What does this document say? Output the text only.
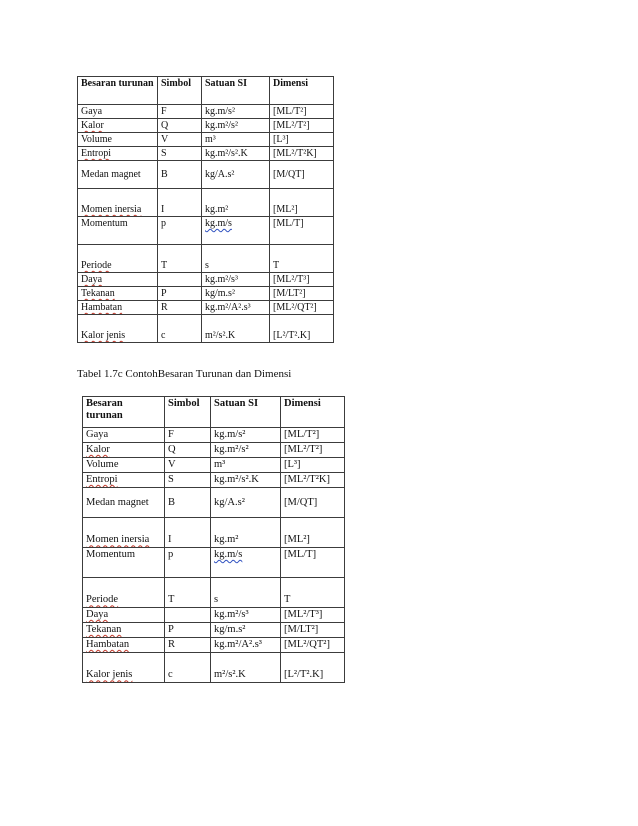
Besaran turunan	Simbol	Satuan SI	Dimensi
Gaya	F	kg.m/s²	[ML/T²]
Kalor	Q	kg.m²/s²	[ML²/T²]
Volume	V	m³	[L³]
Entropi	S	kg.m²/s².K	[ML²/T²K]
Medan magnet	B	kg/A.s²	[M/QT]
Momen inersia	I	kg.m²	[ML²]
Momentum	p	kg.m/s	[ML/T]
Periode	T	s	T
Daya		kg.m²/s³	[ML²/T³]
Tekanan	P	kg/m.s²	[M/LT²]
Hambatan	R	kg.m²/A².s³	[ML²/QT²]
Kalor jenis	c	m²/s².K	[L²/T².K]
Tabel 1.7c ContohBesaran Turunan dan Dimensi
Besaran turunan	Simbol	Satuan SI	Dimensi
Gaya	F	kg.m/s²	[ML/T²]
Kalor	Q	kg.m²/s²	[ML²/T²]
Volume	V	m³	[L³]
Entropi	S	kg.m²/s².K	[ML²/T²K]
Medan magnet	B	kg/A.s²	[M/QT]
Momen inersia	I	kg.m²	[ML²]
Momentum	p	kg.m/s	[ML/T]
Periode	T	s	T
Daya		kg.m²/s³	[ML²/T³]
Tekanan	P	kg/m.s²	[M/LT²]
Hambatan	R	kg.m²/A².s³	[ML²/QT²]
Kalor jenis	c	m²/s².K	[L²/T².K]
